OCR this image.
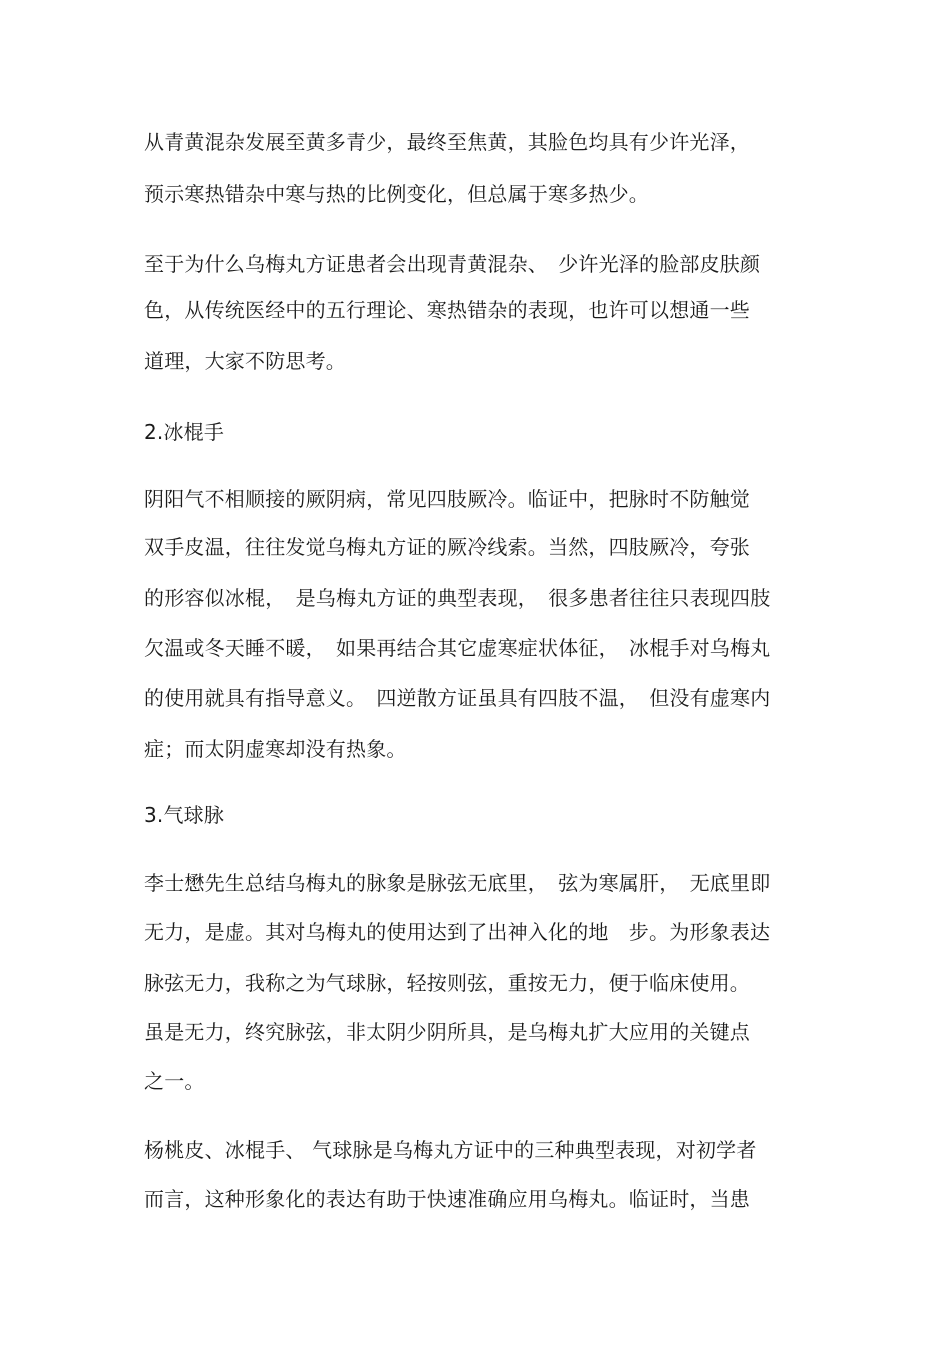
从青黄混杂发展至黄多青少，最终至焦黄，其脸色均具有少许光泽，
预示寒热错杂中寒与热的比例变化，但总属于寒多热少。
至于为什么乌梅丸方证患者会出现青黄混杂、　少许光泽的脸部皮肤颜
色，从传统医经中的五行理论、寒热错杂的表现，也许可以想通一些
道理，大家不防思考。
2.冰棍手
阴阳气不相顺接的厥阴病，常见四肢厥冷。临证中，把脉时不防触觉
双手皮温，往往发觉乌梅丸方证的厥冷线索。当然，四肢厥冷，夸张
的形容似冰棍，　是乌梅丸方证的典型表现，　很多患者往往只表现四肢
欠温或冬天睡不暖，　如果再结合其它虚寒症状体征，　冰棍手对乌梅丸
的使用就具有指导意义。　四逆散方证虽具有四肢不温，　但没有虚寒内
症；而太阴虚寒却没有热象。
3.气球脉
李士懋先生总结乌梅丸的脉象是脉弦无底里，　弦为寒属肝，　无底里即
无力，是虚。其对乌梅丸的使用达到了出神入化的地　步。为形象表达
脉弦无力，我称之为气球脉，轻按则弦，重按无力，便于临床使用。
虽是无力，终究脉弦，非太阴少阴所具，是乌梅丸扩大应用的关键点
之一。
杨桃皮、冰棍手、 气球脉是乌梅丸方证中的三种典型表现，对初学者
而言，这种形象化的表达有助于快速准确应用乌梅丸。临证时，当患
